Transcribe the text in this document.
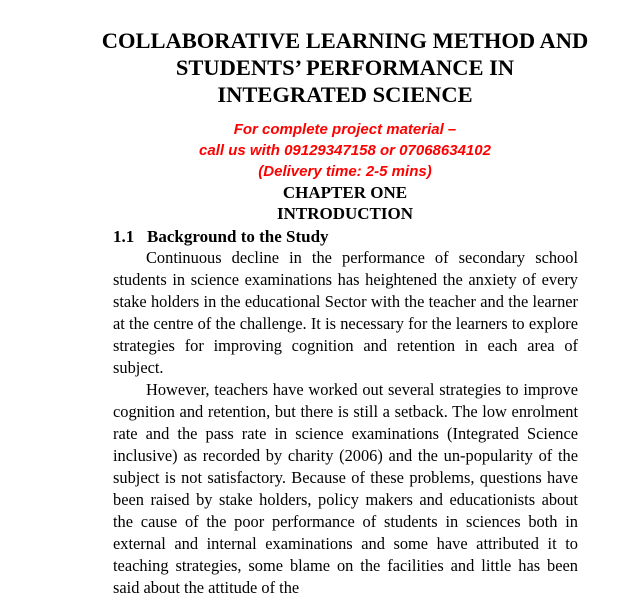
COLLABORATIVE LEARNING METHOD AND STUDENTS’ PERFORMANCE IN INTEGRATED SCIENCE
For complete project material –
call us with 09129347158 or 07068634102
(Delivery time: 2-5 mins)
CHAPTER ONE
INTRODUCTION
1.1 Background to the Study

Continuous decline in the performance of secondary school students in science examinations has heightened the anxiety of every stake holders in the educational Sector with the teacher and the learner at the centre of the challenge. It is necessary for the learners to explore strategies for improving cognition and retention in each area of subject.

However, teachers have worked out several strategies to improve cognition and retention, but there is still a setback. The low enrolment rate and the pass rate in science examinations (Integrated Science inclusive) as recorded by charity (2006) and the un-popularity of the subject is not satisfactory. Because of these problems, questions have been raised by stake holders, policy makers and educationists about the cause of the poor performance of students in sciences both in external and internal examinations and some have attributed it to teaching strategies, some blame on the facilities and little has been said about the attitude of the
